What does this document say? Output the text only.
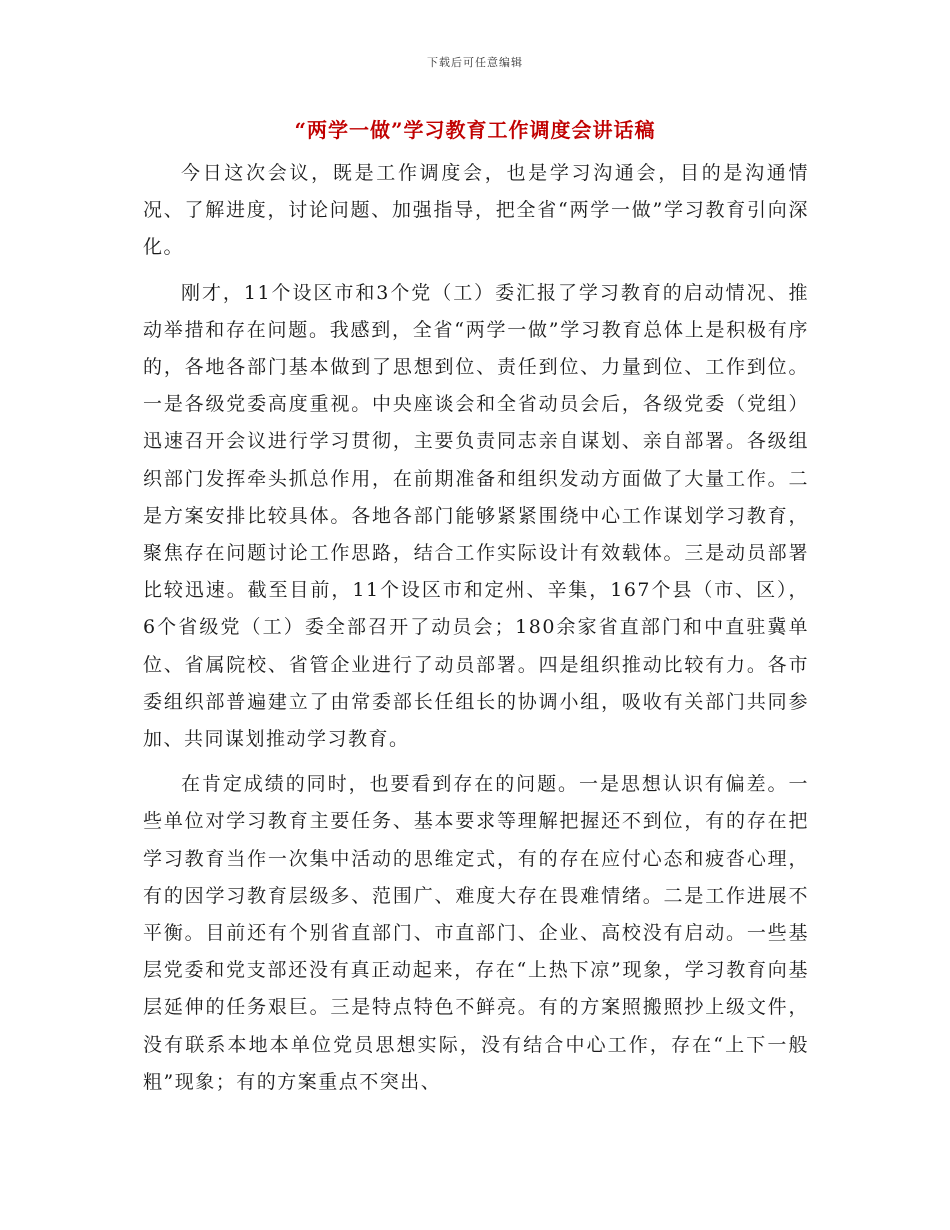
下载后可任意编辑
“两学一做”学习教育工作调度会讲话稿

今日这次会议，既是工作调度会，也是学习沟通会，目的是沟通情况、了解进度，讨论问题、加强指导，把全省“两学一做”学习教育引向深化。

刚才，11个设区市和3个党（工）委汇报了学习教育的启动情况、推动举措和存在问题。我感到，全省“两学一做”学习教育总体上是积极有序的，各地各部门基本做到了思想到位、责任到位、力量到位、工作到位。一是各级党委高度重视。中央座谈会和全省动员会后，各级党委（党组）迅速召开会议进行学习贯彻，主要负责同志亲自谋划、亲自部署。各级组织部门发挥牵头抓总作用，在前期准备和组织发动方面做了大量工作。二是方案安排比较具体。各地各部门能够紧紧围绕中心工作谋划学习教育，聚焦存在问题讨论工作思路，结合工作实际设计有效载体。三是动员部署比较迅速。截至目前，11个设区市和定州、辛集，167个县（市、区），6个省级党（工）委全部召开了动员会；180余家省直部门和中直驻冀单位、省属院校、省管企业进行了动员部署。四是组织推动比较有力。各市委组织部普遍建立了由常委部长任组长的协调小组，吸收有关部门共同参加、共同谋划推动学习教育。

在肯定成绩的同时，也要看到存在的问题。一是思想认识有偏差。一些单位对学习教育主要任务、基本要求等理解把握还不到位，有的存在把学习教育当作一次集中活动的思维定式，有的存在应付心态和疲沓心理，有的因学习教育层级多、范围广、难度大存在畏难情绪。二是工作进展不平衡。目前还有个别省直部门、市直部门、企业、高校没有启动。一些基层党委和党支部还没有真正动起来，存在“上热下凉”现象，学习教育向基层延伸的任务艰巨。三是特点特色不鲜亮。有的方案照搬照抄上级文件，没有联系本地本单位党员思想实际，没有结合中心工作，存在“上下一般粗”现象；有的方案重点不突出、
